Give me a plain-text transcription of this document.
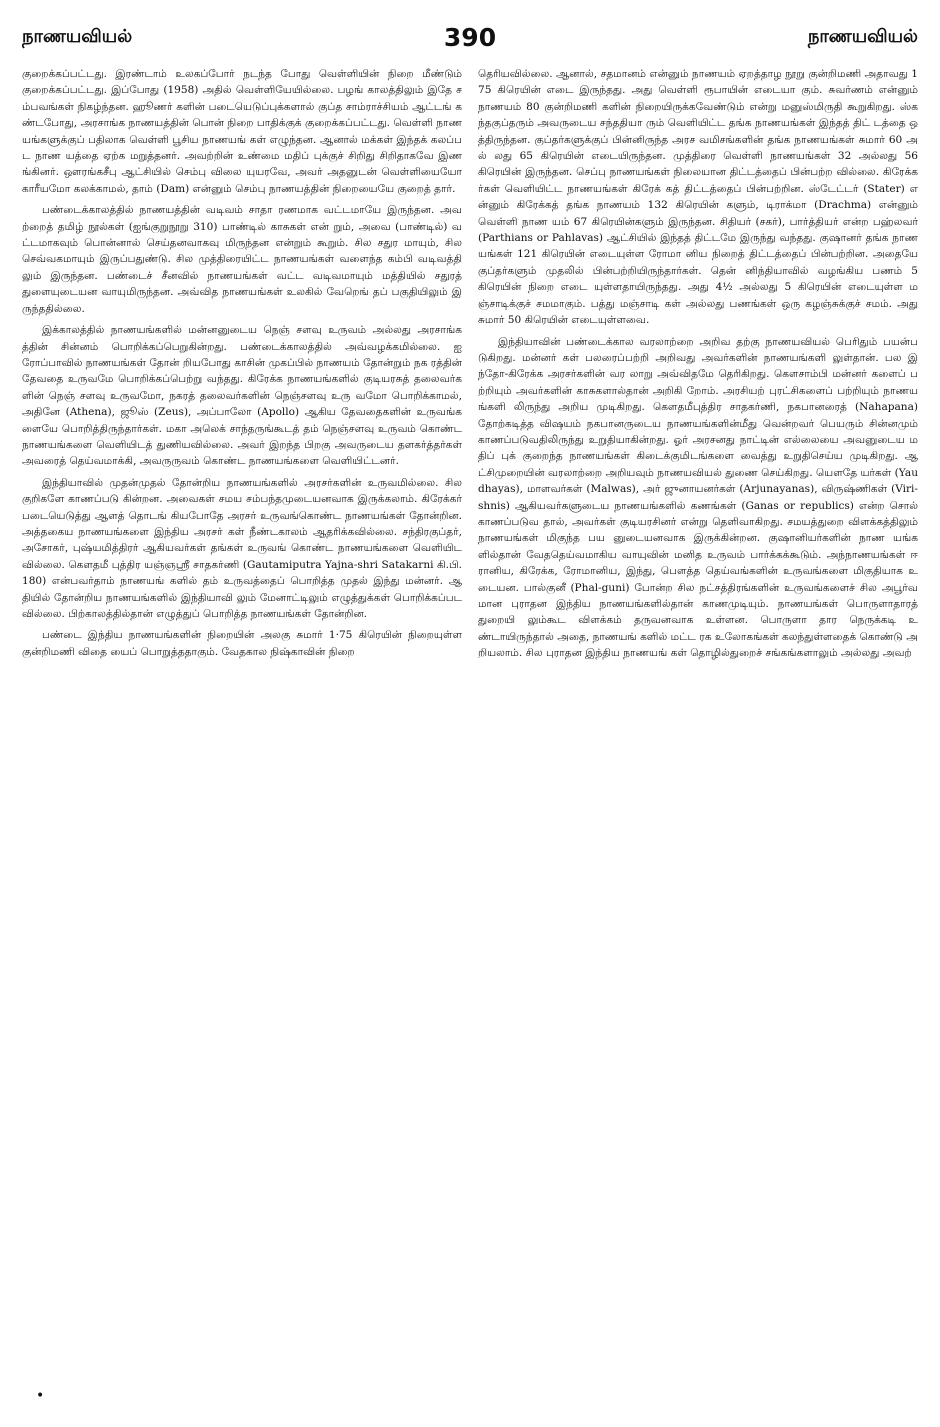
நாணயவியல்	390	நாணயவியல்

குறைக்கப்பட்டது. இரண்டாம் உலகப்போர் நடந்த போது வெள்ளியின் நிறை மீண்டும் குறைக்கப்பட்டது. இப்போது (1958) அதில் வெள்ளியேயில்லை. பழங் காலத்திலும் இதே சம்பவங்கள் நிகழ்ந்தன. ஹூணர் களின் படையெடுப்புக்களால் குப்த சாம்ராச்சியம் ஆட்டங் கண்டபோது, அரசாங்க நாணயத்தின் பொன் நிறை பாதிக்குக் குறைக்கப்பட்டது. வெள்ளி நாணயங்களுக்குப் பதிலாக வெள்ளி பூசிய நாணயங் கள் எழுந்தன. ஆனால் மக்கள் இந்தக் கலப்பட நாண யத்தை ஏற்க மறுத்தனர். அவற்றின் உண்மை மதிப் புக்குச் சிறிது சிறிதாகவே இணங்கினர். ஔரங்கசீபு ஆட்சியில் செம்பு விலை யுயரவே, அவர் அதனுடன் வெள்ளியையோ காரீயமோ கலக்காமல், தாம் (Dam) என்னும் செம்பு நாணயத்தின் நிறையையே குறைத் தார்.

பண்டைக்காலத்தில் நாணயத்தின் வடிவம் சாதா ரணமாக வட்டமாயே இருந்தன. அவற்றைத் தமிழ் நூல்கள் (ஐங்குறுநூறு 310) பாண்டில் காசுகள் என் றும், அவை (பாண்டில்) வட்டமாகவும் பொன்னால் செய்தனவாகவு மிருந்தன என்றும் கூறும். சில சதுர மாயும், சில செவ்வகமாயும் இருப்பதுண்டு. சில முத்திரையிட்ட நாணயங்கள் வளைந்த கம்பி வடிவத்தி லும் இருந்தன. பண்டைச் சீனவில் நாணயங்கள் வட்ட வடிவமாயும் மத்தியில் சதுரத் துளையுடையன வாயுமிருந்தன. அவ்வித நாணயங்கள் உலகில் வேறெங் தப் பகுதியிலும் இருந்ததில்லை.

இக்காலத்தில் நாணயங்களில் மன்னனுடைய நெஞ் சளவு உருவம் அல்லது அரசாங்கத்தின் சின்னம் பொறிக்கப்பெறுகின்றது. பண்டைக்காலத்தில் அவ்வழக்கமில்லை. ஐரோப்பாவில் நாணயங்கள் தோன் றியபோது காசின் முகப்பில் நாணயம் தோன்றும் நக ரத்தின் தேவதை உருவமே பொறிக்கப்பெற்று வந்தது. கிரேக்க நாணயங்களில் குடியரசுத் தலைவர்களின் நெஞ் சளவு உருவமோ, நகரத் தலைவர்களின் நெஞ்சளவு உரு வமோ பொறிக்காமல், அதினே (Athena), ஜூஸ் (Zeus), அப்பாலோ (Apollo) ஆகிய தேவதைகளின் உருவங்களையே பொறித்திருந்தார்கள். மகா அலெக் சாந்தருங்கூடத் தம் நெஞ்சளவு உருவம் கொண்ட நாணயங்களை வெளியிடத் துணியவில்லை. அவர் இறந்த பிறகு அவருடைய தளகர்த்தர்கள் அவரைத் தெய்வமாக்கி, அவருருவம் கொண்ட நாணயங்களை வெளியிட்டனர்.

இந்தியாவில் முதன்முதல் தோன்றிய நாணயங்களில் அரசர்களின் உருவமில்லை. சில குறிகளே காணப்படு கின்றன. அவைகள் சமய சம்பந்தமுடையனவாக இருக்கலாம். கிரேக்கர் படையெடுத்து ஆளத் தொடங் கியபோதே அரசர் உருவங்கொண்ட நாணயங்கள் தோன்றின. அத்தகைய நாணயங்களை இந்திய அரசர் கள் நீண்டகாலம் ஆதரிக்கவில்லை. சந்திரகுப்தர், அசோகர், புஷ்யமித்திரர் ஆகியவர்கள் தங்கள் உருவங் கொண்ட நாணயங்களை வெளியிடவில்லை. கௌதமீ புத்திர யஞ்ஞஸ்ரீ சாதகர்ணி (Gautamiputra Yajna-shri Satakarni கி.பி. 180) என்பவர்தாம் நாணயங் களில் தம் உருவத்தைப் பொறித்த முதல் இந்து மன்னர். ஆதியில் தோன்றிய நாணயங்களில் இந்தியாவி லும் மேனாட்டிலும் எழுத்துக்கள் பொறிக்கப்பட வில்லை. பிற்காலத்தில்தான் எழுத்துப் பொறித்த நாணயங்கள் தோன்றின.

பண்டை இந்திய நாணயங்களின் நிறையின் அலகு சுமார் 1·75 கிரெயின் நிறையுள்ள குன்றிமணி விதை யைப் பொறுத்ததாகும். வேதகால நிஷ்காவின் நிறை

தெரியவில்லை. ஆனால், சதமானம் என்னும் நாணயம் ஏறத்தாழ நூறு குன்றிமணி அதாவது 175 கிரெயின் எடை இருந்தது. அது வெள்ளி ரூபாயின் எடையா கும். சுவர்ணம் என்னும் நாணயம் 80 குன்றிமணி களின் நிறையிருக்கவேண்டும் என்று மனுஸ்மிருதி கூறுகிறது. ஸ்கந்தகுப்தரும் அவருடைய சந்ததியா ரும் வெளியிட்ட தங்க நாணயங்கள் இந்தத் திட் டத்தை ஒத்திருந்தன. குப்தர்களுக்குப் பின்னிருந்த அரச வமிசங்களின் தங்க நாணயங்கள் சுமார் 60 அல் லது 65 கிரெயின் எடையிருந்தன. முத்திரை வெள்ளி நாணயங்கள் 32 அல்லது 56 கிரெயின் இருந்தன. செப்பு நாணயங்கள் நிலையான திட்டத்தைப் பின்பற்ற வில்லை. கிரேக்கர்கள் வெளியிட்ட நாணயங்கள் கிரேக் கத் திட்டத்தைப் பின்பற்றின. ஸ்டேட்டர் (Stater) என்னும் கிரேக்கத் தங்க நாணயம் 132 கிரெயின் களும், டிராக்மா (Drachma) என்னும் வெள்ளி நாண யம் 67 கிரெயின்களும் இருந்தன. சிதியர் (சகர்), பார்த்தியர் என்ற பஹ்லவர் (Parthians or Pahlavas) ஆட்சியில் இந்தத் திட்டமே இருந்து வந்தது. குஷானர் தங்க நாணயங்கள் 121 கிரெயின் எடையுள்ள ரோமா னிய நிறைத் திட்டத்தைப் பின்பற்றின. அதையே குப்தர்களும் முதலில் பின்பற்றியிருந்தார்கள். தென் னிந்தியாவில் வழங்கிய பணம் 5 கிரெயின் நிறை எடை யுள்ளதாயிருந்தது. அது 4½ அல்லது 5 கிரெயின் எடையுள்ள மஞ்சாடிக்குச் சமமாகும். பத்து மஞ்சாடி கள் அல்லது பணங்கள் ஒரு கழஞ்சுக்குச் சமம். அது சுமார் 50 கிரெயின் எடையுள்ளவை.

இந்தியாவின் பண்டைக்கால வரலாற்றை அறிவ தற்கு நாணயவியல் பெரிதும் பயன்படுகிறது. மன்னர் கள் பலரைப்பற்றி அறிவது அவர்களின் நாணயங்களி லுள்தான். பல இந்தோ-கிரேக்க அரசர்களின் வர லாறு அவ்விதமே தெரிகிறது. கௌசாம்பி மன்னர் களைப் பற்றியும் அவர்களின் காசுகளால்தான் அறிகி றோம். அரசியற் புரட்சிகளைப் பற்றியும் நாணயங்களி லிருந்து அறிய முடிகிறது. கௌதமீபுத்திர சாதகர்ணி, நகபானரைத் (Nahapana) தோற்கடித்த விஷயம் நகபானருடைய நாணயங்களின்மீது வென்றவர் பெயரும் சின்னமும் காணப்படுவதிலிருந்து உறுதியாகின்றது. ஓர் அரசனது நாட்டின் எல்லையை அவனுடைய மதிப் புக் குறைந்த நாணயங்கள் கிடைக்குமிடங்களை வைத்து உறுதிசெய்ய முடிகிறது. ஆட்சிமுறையின் வரலாற்றை அறியவும் நாணயவியல் துணை செய்கிறது. யௌதே யர்கள் (Yaudhayas), மாளவர்கள் (Malwas), அர் ஜுனாயனர்கள் (Arjunayanas), விருஷ்ணிகள் (Viri-shnis) ஆகியவர்களுடைய நாணயங்களில் கணங்கள் (Ganas or republics) என்ற சொல் காணப்படுவ தால், அவர்கள் குடியரசினர் என்று தெளிவாகிறது. சமயத்துறை விளக்கத்திலும் நாணயங்கள் மிகுந்த பய னுடையனவாக இருக்கின்றன. குஷானியர்களின் நாண யங்களில்தான் வேததெய்வமாகிய வாயுவின் மனித உருவம் பார்க்கக்கூடும். அந்நாணயங்கள் ஈரானிய, கிரேக்க, ரோமானிய, இந்து, பௌத்த தெய்வங்களின் உருவங்களை மிகுதியாக உடையன. பால்குனீ (Phal-guni) போன்ற சில நட்சத்திரங்களின் உருவங்களைச் சில அபூர்வமான புராதன இந்திய நாணயங்களில்தான் காணமுடியும். நாணயங்கள் பொருளாதாரத் துறையி லும்கூட விளக்கம் தருவனவாக உள்ளன. பொருளா தார நெருக்கடி உண்டாயிருந்தால் அதை, நாணயங் களில் மட்ட ரக உலோகங்கள் கலந்துள்ளதைக் கொண்டு அறியலாம். சில புராதன இந்திய நாணயங் கள் தொழில்துறைச் சங்கங்களாலும் அல்லது அவற்

•
